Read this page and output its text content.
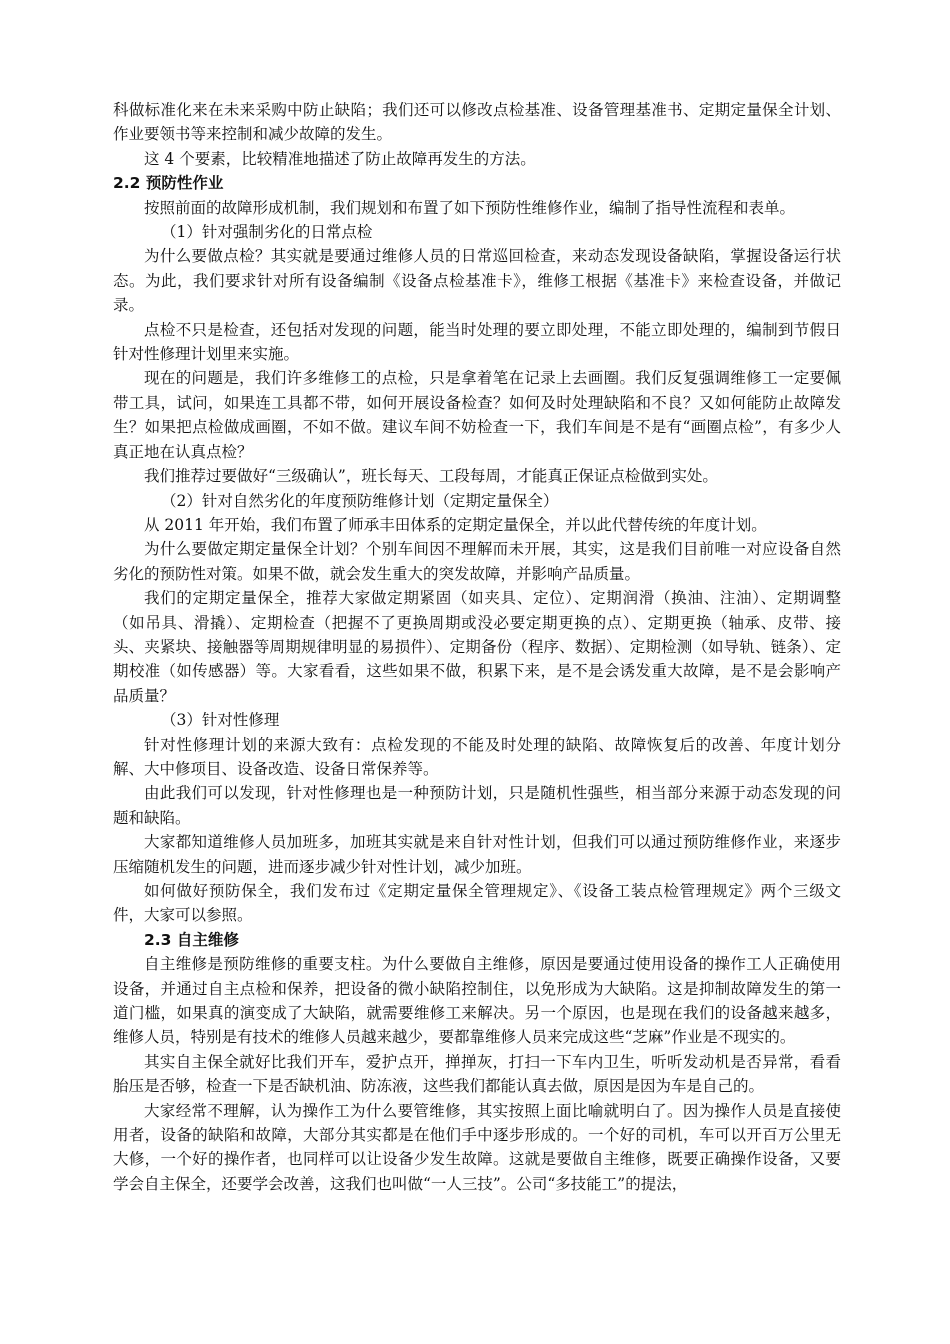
科做标准化来在未来采购中防止缺陷；我们还可以修改点检基准、设备管理基准书、定期定量保全计划、作业要领书等来控制和减少故障的发生。

这 4 个要素，比较精准地描述了防止故障再发生的方法。

2.2 预防性作业

按照前面的故障形成机制，我们规划和布置了如下预防性维修作业，编制了指导性流程和表单。

（1）针对强制劣化的日常点检

为什么要做点检？其实就是要通过维修人员的日常巡回检查，来动态发现设备缺陷，掌握设备运行状态。为此，我们要求针对所有设备编制《设备点检基准卡》，维修工根据《基准卡》来检查设备，并做记录。

点检不只是检查，还包括对发现的问题，能当时处理的要立即处理，不能立即处理的，编制到节假日针对性修理计划里来实施。

现在的问题是，我们许多维修工的点检，只是拿着笔在记录上去画圈。我们反复强调维修工一定要佩带工具，试问，如果连工具都不带，如何开展设备检查？如何及时处理缺陷和不良？又如何能防止故障发生？如果把点检做成画圈，不如不做。建议车间不妨检查一下，我们车间是不是有“画圈点检”，有多少人真正地在认真点检？

我们推荐过要做好“三级确认”，班长每天、工段每周，才能真正保证点检做到实处。

（2）针对自然劣化的年度预防维修计划（定期定量保全）

从 2011 年开始，我们布置了师承丰田体系的定期定量保全，并以此代替传统的年度计划。

为什么要做定期定量保全计划？个别车间因不理解而未开展，其实，这是我们目前唯一对应设备自然劣化的预防性对策。如果不做，就会发生重大的突发故障，并影响产品质量。

我们的定期定量保全，推荐大家做定期紧固（如夹具、定位）、定期润滑（换油、注油）、定期调整（如吊具、滑撬）、定期检查（把握不了更换周期或没必要定期更换的点）、定期更换（轴承、皮带、接头、夹紧块、接触器等周期规律明显的易损件）、定期备份（程序、数据）、定期检测（如导轨、链条）、定期校准（如传感器）等。大家看看，这些如果不做，积累下来，是不是会诱发重大故障，是不是会影响产品质量？

（3）针对性修理

针对性修理计划的来源大致有：点检发现的不能及时处理的缺陷、故障恢复后的改善、年度计划分解、大中修项目、设备改造、设备日常保养等。

由此我们可以发现，针对性修理也是一种预防计划，只是随机性强些，相当部分来源于动态发现的问题和缺陷。

大家都知道维修人员加班多，加班其实就是来自针对性计划，但我们可以通过预防维修作业，来逐步压缩随机发生的问题，进而逐步减少针对性计划，减少加班。

如何做好预防保全，我们发布过《定期定量保全管理规定》、《设备工装点检管理规定》两个三级文件，大家可以参照。

2.3 自主维修

自主维修是预防维修的重要支柱。为什么要做自主维修，原因是要通过使用设备的操作工人正确使用设备，并通过自主点检和保养，把设备的微小缺陷控制住，以免形成为大缺陷。这是抑制故障发生的第一道门槛，如果真的演变成了大缺陷，就需要维修工来解决。另一个原因，也是现在我们的设备越来越多，维修人员，特别是有技术的维修人员越来越少，要都靠维修人员来完成这些“芝麻”作业是不现实的。

其实自主保全就好比我们开车，爱护点开，掸掸灰，打扫一下车内卫生，听听发动机是否异常，看看胎压是否够，检查一下是否缺机油、防冻液，这些我们都能认真去做，原因是因为车是自己的。

大家经常不理解，认为操作工为什么要管维修，其实按照上面比喻就明白了。因为操作人员是直接使用者，设备的缺陷和故障，大部分其实都是在他们手中逐步形成的。一个好的司机，车可以开百万公里无大修，一个好的操作者，也同样可以让设备少发生故障。这就是要做自主维修，既要正确操作设备，又要学会自主保全，还要学会改善，这我们也叫做“一人三技”。公司“多技能工”的提法，
